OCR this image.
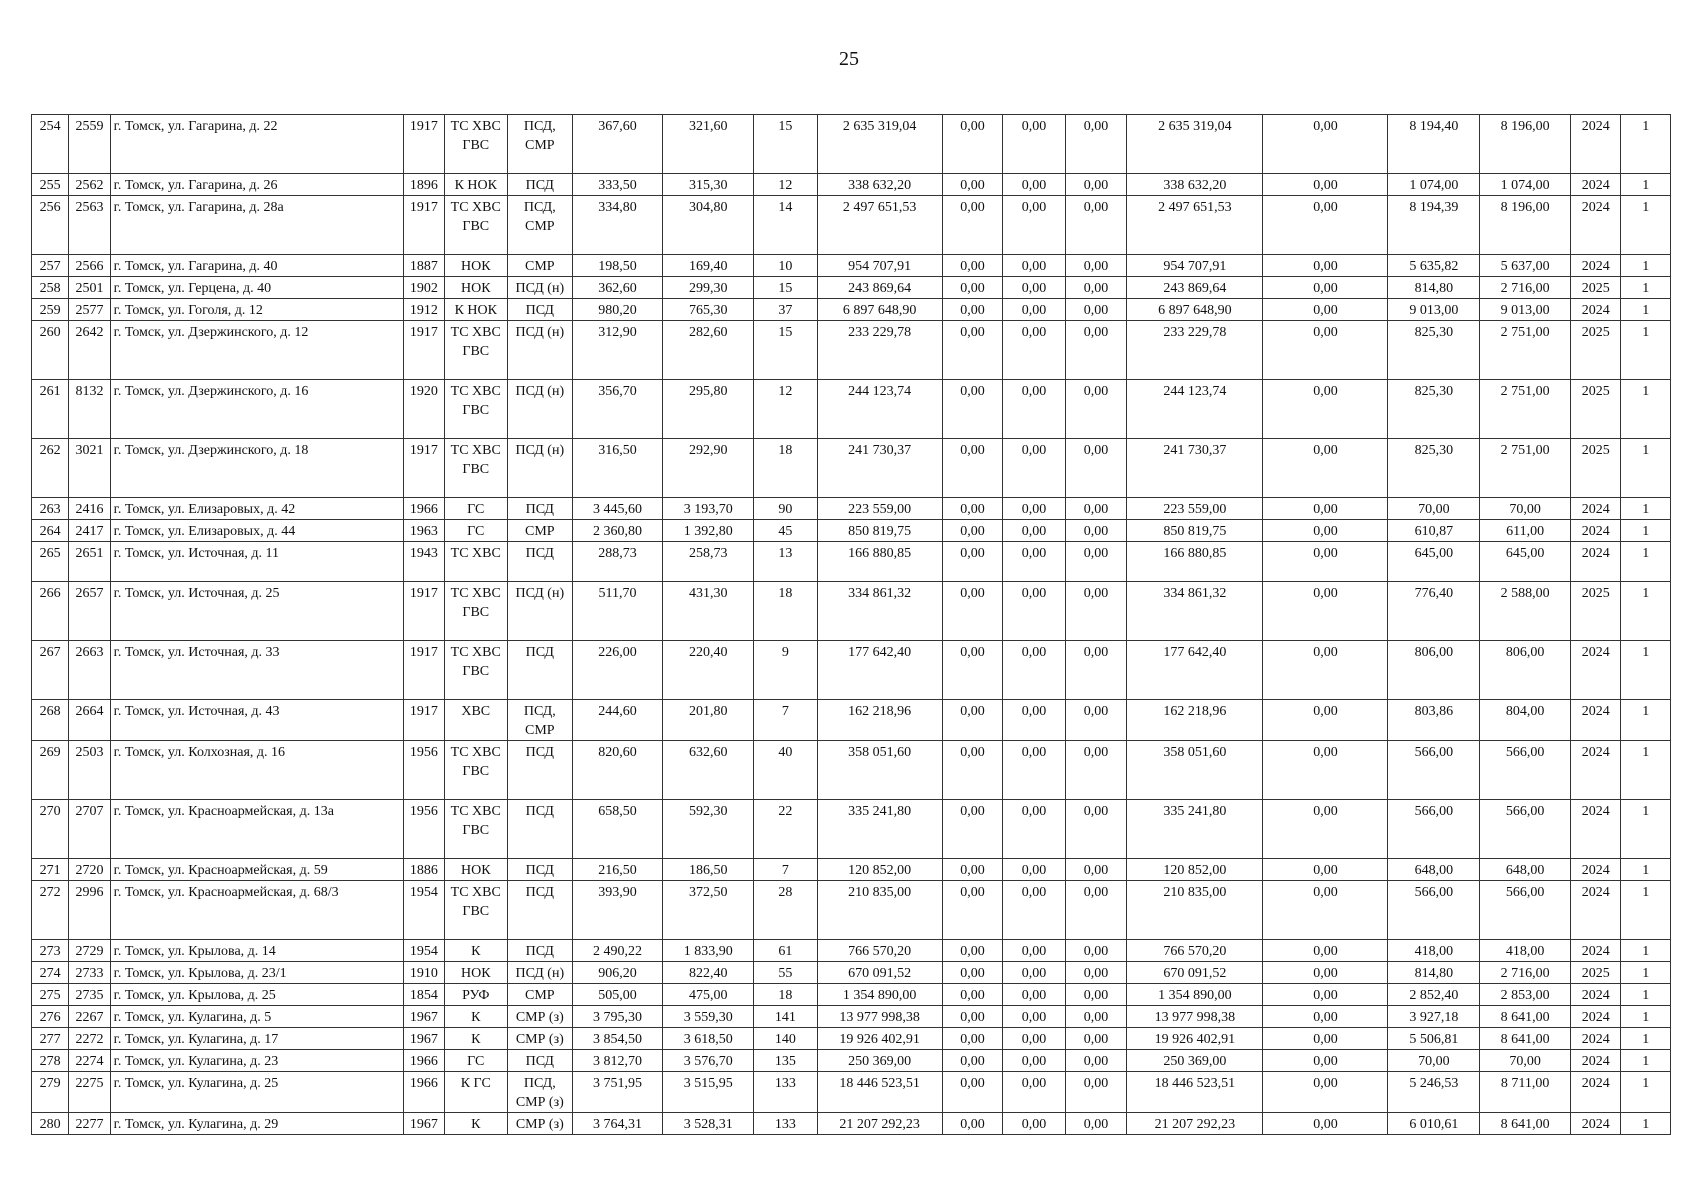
25
254	2559	г. Томск, ул. Гагарина, д. 22	1917	ТС ХВС ГВС	ПСД, СМР	367,60	321,60	15	2 635 319,04	0,00	0,00	0,00	2 635 319,04	0,00	8 194,40	8 196,00	2024	1
255	2562	г. Томск, ул. Гагарина, д. 26	1896	К НОК	ПСД	333,50	315,30	12	338 632,20	0,00	0,00	0,00	338 632,20	0,00	1 074,00	1 074,00	2024	1
256	2563	г. Томск, ул. Гагарина, д. 28а	1917	ТС ХВС ГВС	ПСД, СМР	334,80	304,80	14	2 497 651,53	0,00	0,00	0,00	2 497 651,53	0,00	8 194,39	8 196,00	2024	1
257	2566	г. Томск, ул. Гагарина, д. 40	1887	НОК	СМР	198,50	169,40	10	954 707,91	0,00	0,00	0,00	954 707,91	0,00	5 635,82	5 637,00	2024	1
258	2501	г. Томск, ул. Герцена, д. 40	1902	НОК	ПСД (н)	362,60	299,30	15	243 869,64	0,00	0,00	0,00	243 869,64	0,00	814,80	2 716,00	2025	1
259	2577	г. Томск, ул. Гоголя, д. 12	1912	К НОК	ПСД	980,20	765,30	37	6 897 648,90	0,00	0,00	0,00	6 897 648,90	0,00	9 013,00	9 013,00	2024	1
260	2642	г. Томск, ул. Дзержинского, д. 12	1917	ТС ХВС ГВС	ПСД (н)	312,90	282,60	15	233 229,78	0,00	0,00	0,00	233 229,78	0,00	825,30	2 751,00	2025	1
261	8132	г. Томск, ул. Дзержинского, д. 16	1920	ТС ХВС ГВС	ПСД (н)	356,70	295,80	12	244 123,74	0,00	0,00	0,00	244 123,74	0,00	825,30	2 751,00	2025	1
262	3021	г. Томск, ул. Дзержинского, д. 18	1917	ТС ХВС ГВС	ПСД (н)	316,50	292,90	18	241 730,37	0,00	0,00	0,00	241 730,37	0,00	825,30	2 751,00	2025	1
263	2416	г. Томск, ул. Елизаровых, д. 42	1966	ГС	ПСД	3 445,60	3 193,70	90	223 559,00	0,00	0,00	0,00	223 559,00	0,00	70,00	70,00	2024	1
264	2417	г. Томск, ул. Елизаровых, д. 44	1963	ГС	СМР	2 360,80	1 392,80	45	850 819,75	0,00	0,00	0,00	850 819,75	0,00	610,87	611,00	2024	1
265	2651	г. Томск, ул. Источная, д. 11	1943	ТС ХВС	ПСД	288,73	258,73	13	166 880,85	0,00	0,00	0,00	166 880,85	0,00	645,00	645,00	2024	1
266	2657	г. Томск, ул. Источная, д. 25	1917	ТС ХВС ГВС	ПСД (н)	511,70	431,30	18	334 861,32	0,00	0,00	0,00	334 861,32	0,00	776,40	2 588,00	2025	1
267	2663	г. Томск, ул. Источная, д. 33	1917	ТС ХВС ГВС	ПСД	226,00	220,40	9	177 642,40	0,00	0,00	0,00	177 642,40	0,00	806,00	806,00	2024	1
268	2664	г. Томск, ул. Источная, д. 43	1917	ХВС	ПСД, СМР	244,60	201,80	7	162 218,96	0,00	0,00	0,00	162 218,96	0,00	803,86	804,00	2024	1
269	2503	г. Томск, ул. Колхозная, д. 16	1956	ТС ХВС ГВС	ПСД	820,60	632,60	40	358 051,60	0,00	0,00	0,00	358 051,60	0,00	566,00	566,00	2024	1
270	2707	г. Томск, ул. Красноармейская, д. 13а	1956	ТС ХВС ГВС	ПСД	658,50	592,30	22	335 241,80	0,00	0,00	0,00	335 241,80	0,00	566,00	566,00	2024	1
271	2720	г. Томск, ул. Красноармейская, д. 59	1886	НОК	ПСД	216,50	186,50	7	120 852,00	0,00	0,00	0,00	120 852,00	0,00	648,00	648,00	2024	1
272	2996	г. Томск, ул. Красноармейская, д. 68/3	1954	ТС ХВС ГВС	ПСД	393,90	372,50	28	210 835,00	0,00	0,00	0,00	210 835,00	0,00	566,00	566,00	2024	1
273	2729	г. Томск, ул. Крылова, д. 14	1954	К	ПСД	2 490,22	1 833,90	61	766 570,20	0,00	0,00	0,00	766 570,20	0,00	418,00	418,00	2024	1
274	2733	г. Томск, ул. Крылова, д. 23/1	1910	НОК	ПСД (н)	906,20	822,40	55	670 091,52	0,00	0,00	0,00	670 091,52	0,00	814,80	2 716,00	2025	1
275	2735	г. Томск, ул. Крылова, д. 25	1854	РУФ	СМР	505,00	475,00	18	1 354 890,00	0,00	0,00	0,00	1 354 890,00	0,00	2 852,40	2 853,00	2024	1
276	2267	г. Томск, ул. Кулагина, д. 5	1967	К	СМР (з)	3 795,30	3 559,30	141	13 977 998,38	0,00	0,00	0,00	13 977 998,38	0,00	3 927,18	8 641,00	2024	1
277	2272	г. Томск, ул. Кулагина, д. 17	1967	К	СМР (з)	3 854,50	3 618,50	140	19 926 402,91	0,00	0,00	0,00	19 926 402,91	0,00	5 506,81	8 641,00	2024	1
278	2274	г. Томск, ул. Кулагина, д. 23	1966	ГС	ПСД	3 812,70	3 576,70	135	250 369,00	0,00	0,00	0,00	250 369,00	0,00	70,00	70,00	2024	1
279	2275	г. Томск, ул. Кулагина, д. 25	1966	К ГС	ПСД, СМР (з)	3 751,95	3 515,95	133	18 446 523,51	0,00	0,00	0,00	18 446 523,51	0,00	5 246,53	8 711,00	2024	1
280	2277	г. Томск, ул. Кулагина, д. 29	1967	К	СМР (з)	3 764,31	3 528,31	133	21 207 292,23	0,00	0,00	0,00	21 207 292,23	0,00	6 010,61	8 641,00	2024	1
